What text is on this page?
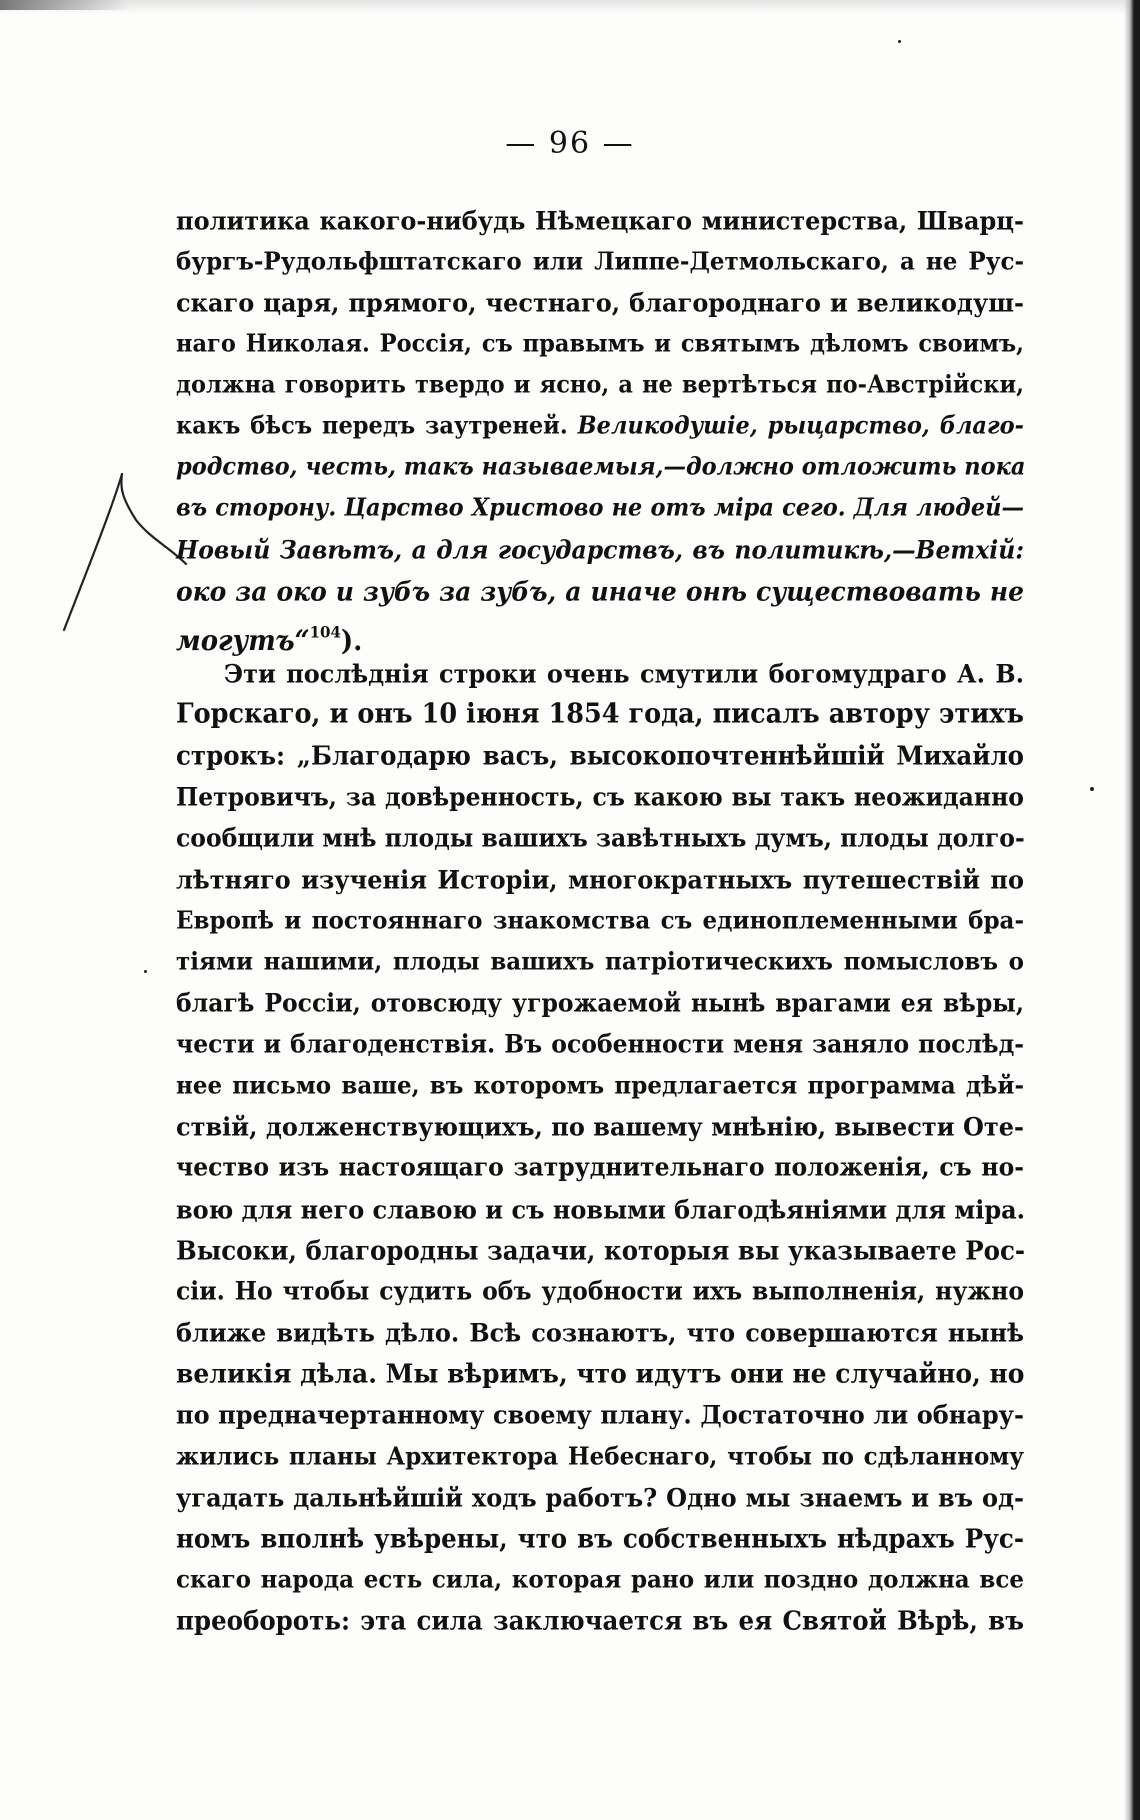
— 96 —
политика какого-нибудь Нѣмецкаго министерства, Шварц-
бургъ-Рудольфштатскаго или Липпе-Детмольскаго, а не Рус-
скаго царя, прямого, честнаго, благороднаго и великодуш-
наго Николая. Россія, съ правымъ и святымъ дѣломъ своимъ,
должна говорить твердо и ясно, а не вертѣться по-Австрійски,
какъ бѣсъ передъ заутреней. Великодушіе, рыцарство, благо-
родство, честь, такъ называемыя,—должно отложить пока
въ сторону. Царство Христово не отъ міра сего. Для людей—
Новый Завѣтъ, а для государствъ, въ политикѣ,—Ветхій:
око за око и зубъ за зубъ, а иначе онѣ существовать не
могутъ“$^{104}$).
Эти послѣднія строки очень смутили богомудраго А. В.
Горскаго, и онъ 10 іюня 1854 года, писалъ автору этихъ
строкъ: „Благодарю васъ, высокопочтеннѣйшій Михайло
Петровичъ, за довѣренность, съ какою вы такъ неожиданно
сообщили мнѣ плоды вашихъ завѣтныхъ думъ, плоды долго-
лѣтняго изученія Исторіи, многократныхъ путешествій по
Европѣ и постояннаго знакомства съ единоплеменными бра-
тіями нашими, плоды вашихъ патріотическихъ помысловъ о
благѣ Россіи, отовсюду угрожаемой нынѣ врагами ея вѣры,
чести и благоденствія. Въ особенности меня заняло послѣд-
нее письмо ваше, въ которомъ предлагается программа дѣй-
ствій, долженствующихъ, по вашему мнѣнію, вывести Оте-
чество изъ настоящаго затруднительнаго положенія, съ но-
вою для него славою и съ новыми благодѣяніями для міра.
Высоки, благородны задачи, которыя вы указываете Рос-
сіи. Но чтобы судить объ удобности ихъ выполненія, нужно
ближе видѣть дѣло. Всѣ сознаютъ, что совершаются нынѣ
великія дѣла. Мы вѣримъ, что идутъ они не случайно, но
по предначертанному своему плану. Достаточно ли обнару-
жились планы Архитектора Небеснаго, чтобы по сдѣланному
угадать дальнѣйшій ходъ работъ? Одно мы знаемъ и въ од-
номъ вполнѣ увѣрены, что въ собственныхъ нѣдрахъ Рус-
скаго народа есть сила, которая рано или поздно должна все
преобороть: эта сила заключается въ ея Святой Вѣрѣ, въ
